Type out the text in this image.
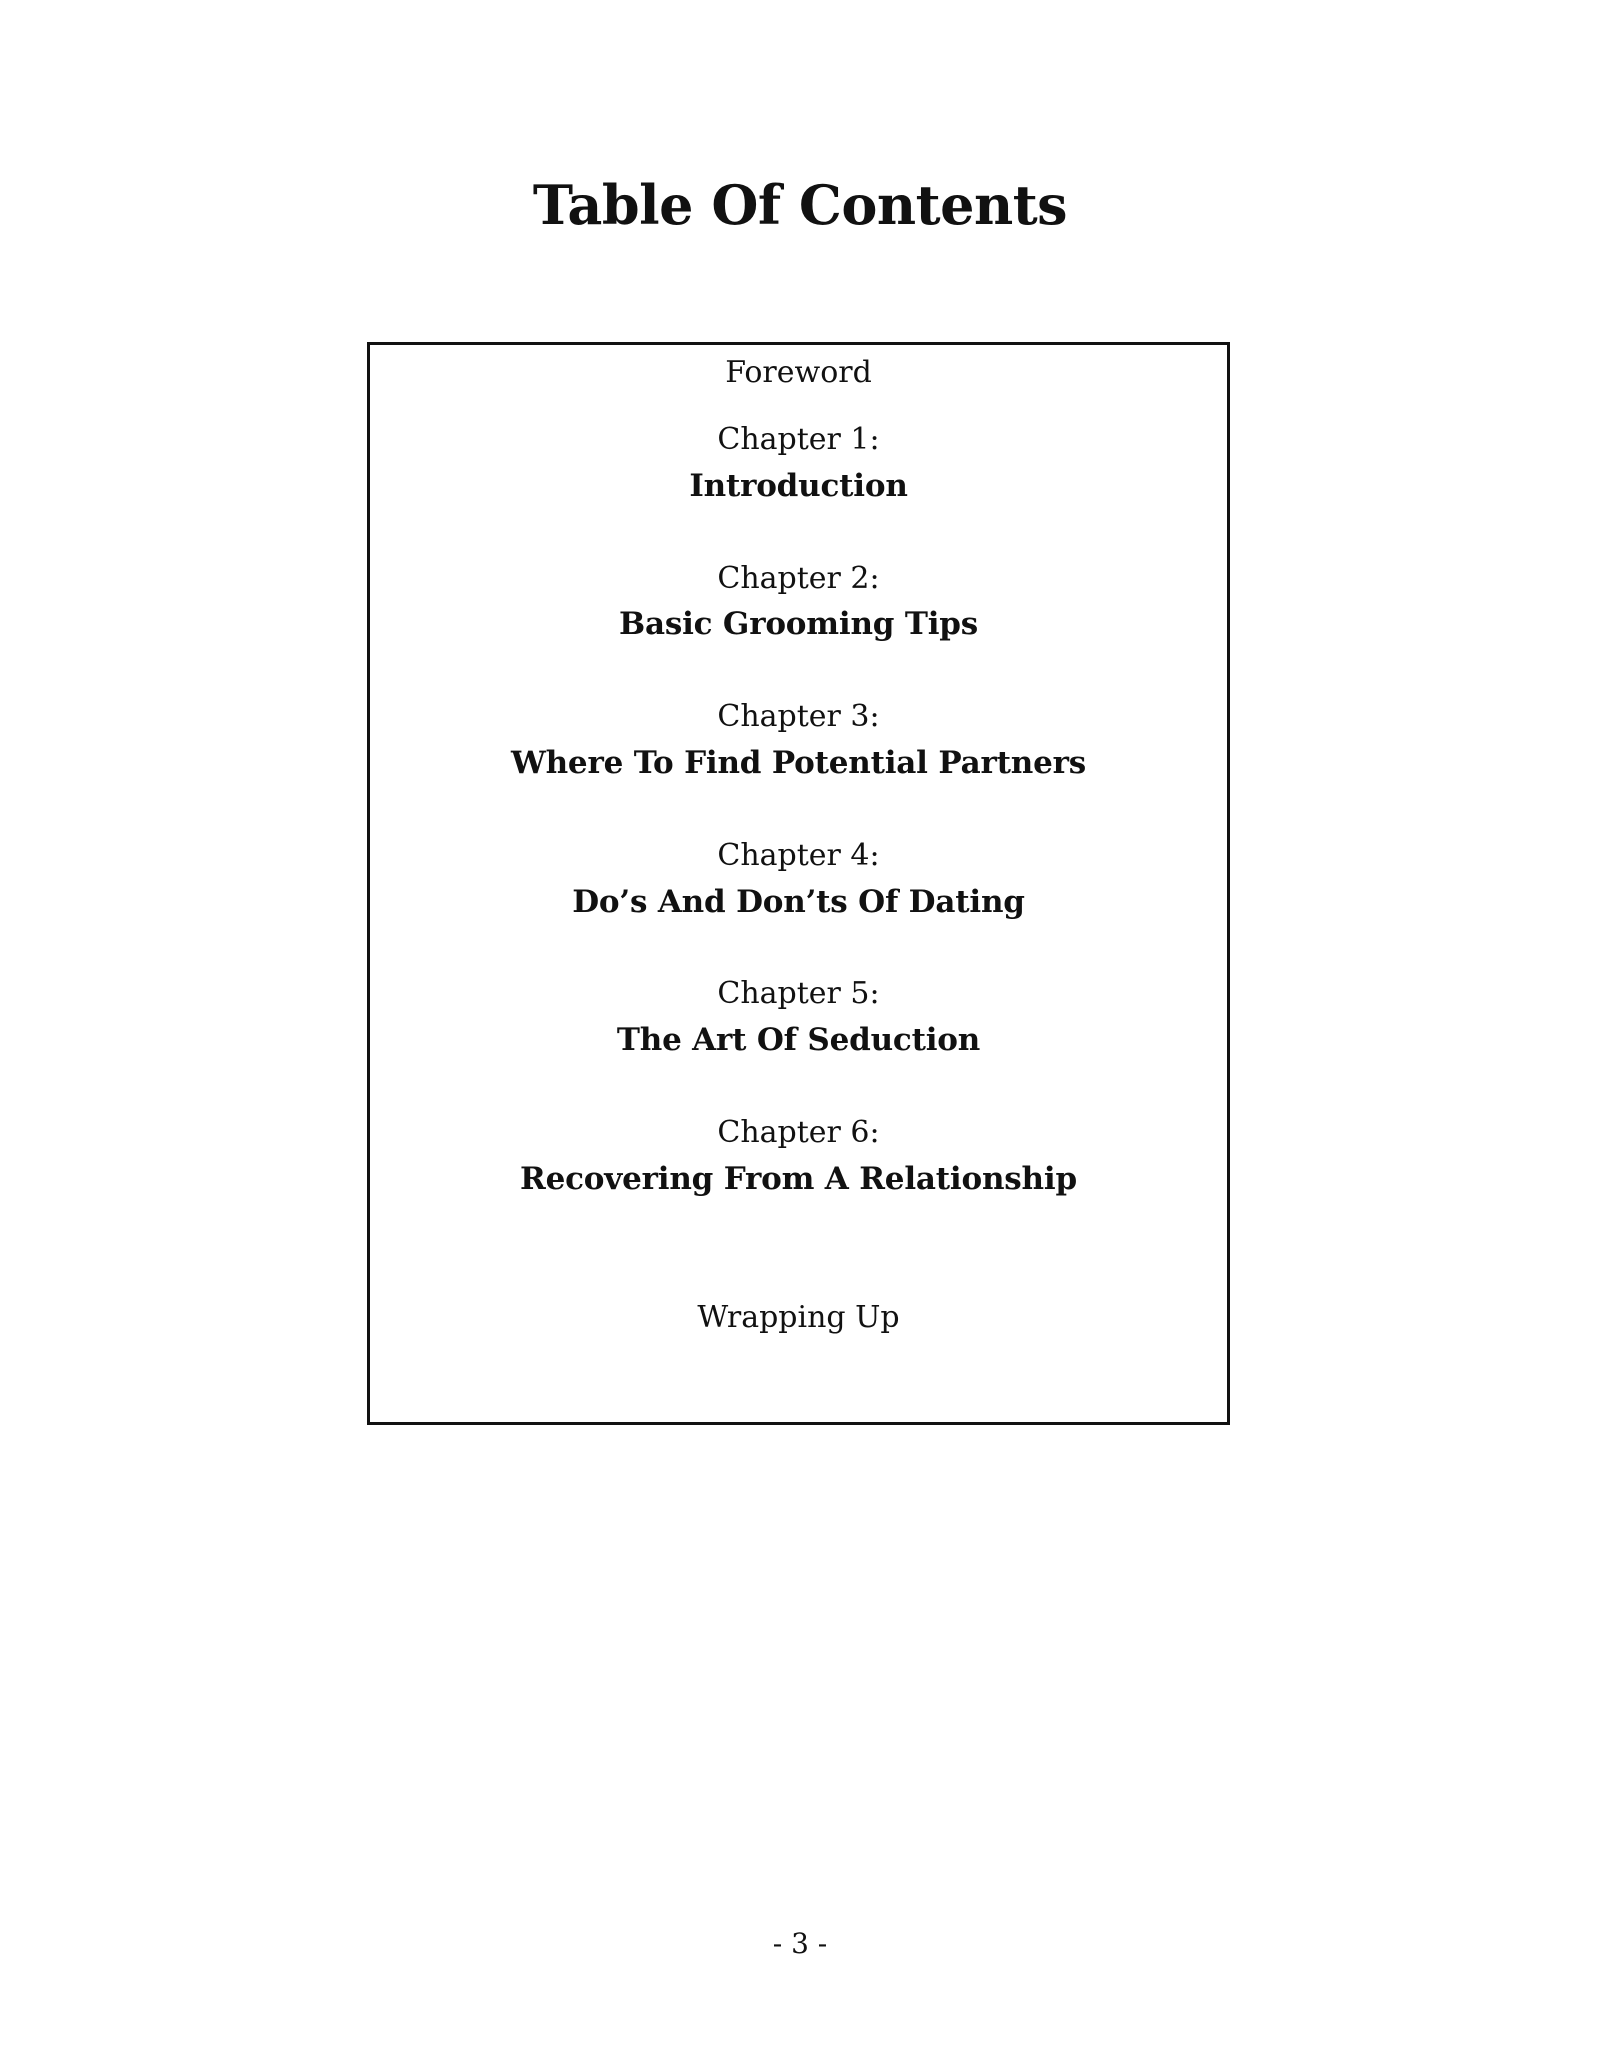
Table Of Contents
Foreword
Chapter 1:
Introduction
Chapter 2:
Basic Grooming Tips
Chapter 3:
Where To Find Potential Partners
Chapter 4:
Do’s And Don’ts Of Dating
Chapter 5:
The Art Of Seduction
Chapter 6:
Recovering From A Relationship
Wrapping Up
- 3 -
